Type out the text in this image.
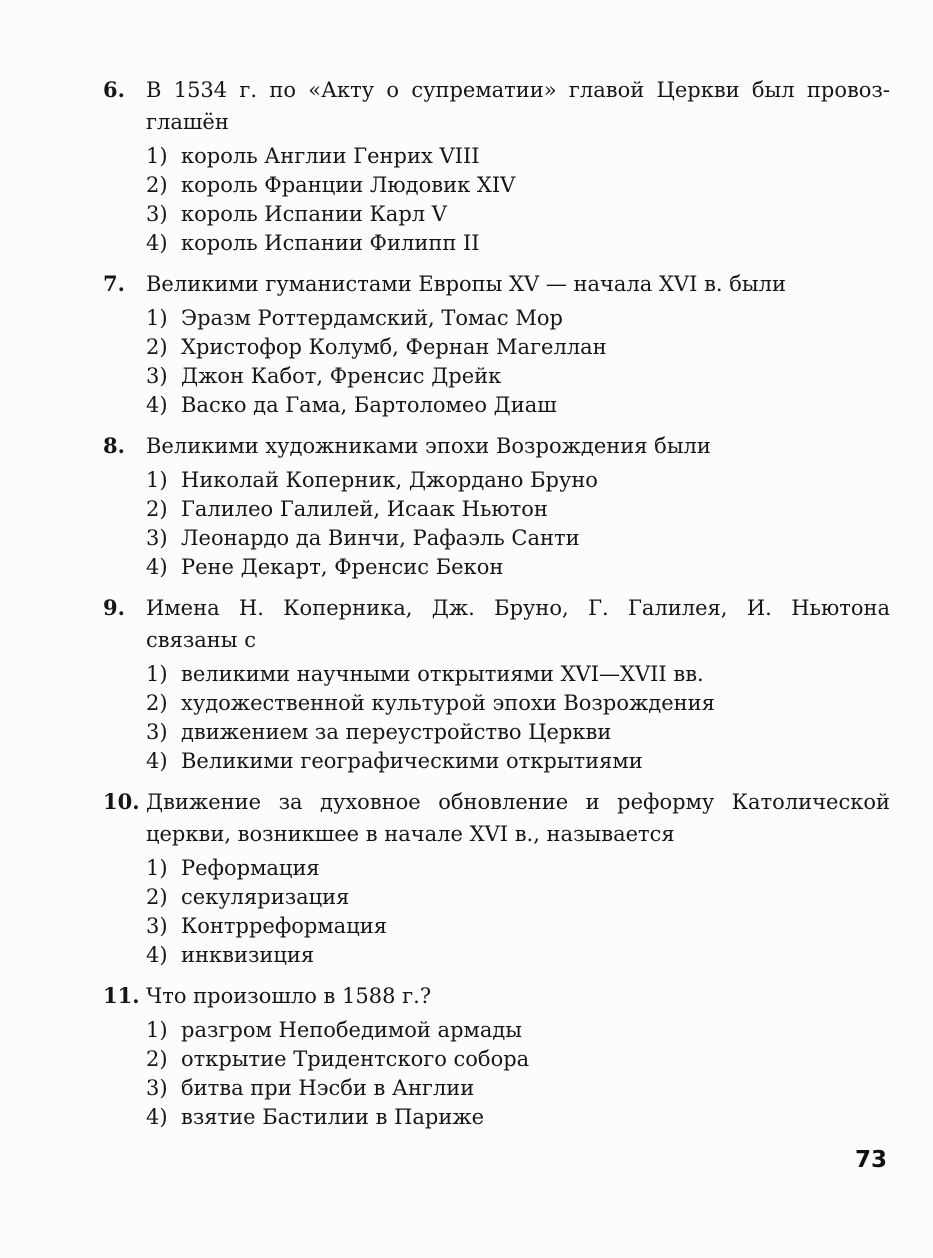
6.	В 1534 г. по «Акту о супрематии» главой Церкви был провоз-
глашён
1) король Англии Генрих VIII
2) король Франции Людовик XIV
3) король Испании Карл V
4) король Испании Филипп II
7.	Великими гуманистами Европы XV — начала XVI в. были
1) Эразм Роттердамский, Томас Мор
2) Христофор Колумб, Фернан Магеллан
3) Джон Кабот, Френсис Дрейк
4) Васко да Гама, Бартоломео Диаш
8.	Великими художниками эпохи Возрождения были
1) Николай Коперник, Джордано Бруно
2) Галилео Галилей, Исаак Ньютон
3) Леонардо да Винчи, Рафаэль Санти
4) Рене Декарт, Френсис Бекон
9.	Имена Н. Коперника, Дж. Бруно, Г. Галилея, И. Ньютона
связаны с
1) великими научными открытиями XVI—XVII вв.
2) художественной культурой эпохи Возрождения
3) движением за переустройство Церкви
4) Великими географическими открытиями
10. Движение за духовное обновление и реформу Католической
церкви, возникшее в начале XVI в., называется
1) Реформация
2) секуляризация
3) Контрреформация
4) инквизиция
11. Что произошло в 1588 г.?
1) разгром Непобедимой армады
2) открытие Тридентского собора
3) битва при Нэсби в Англии
4) взятие Бастилии в Париже
73
